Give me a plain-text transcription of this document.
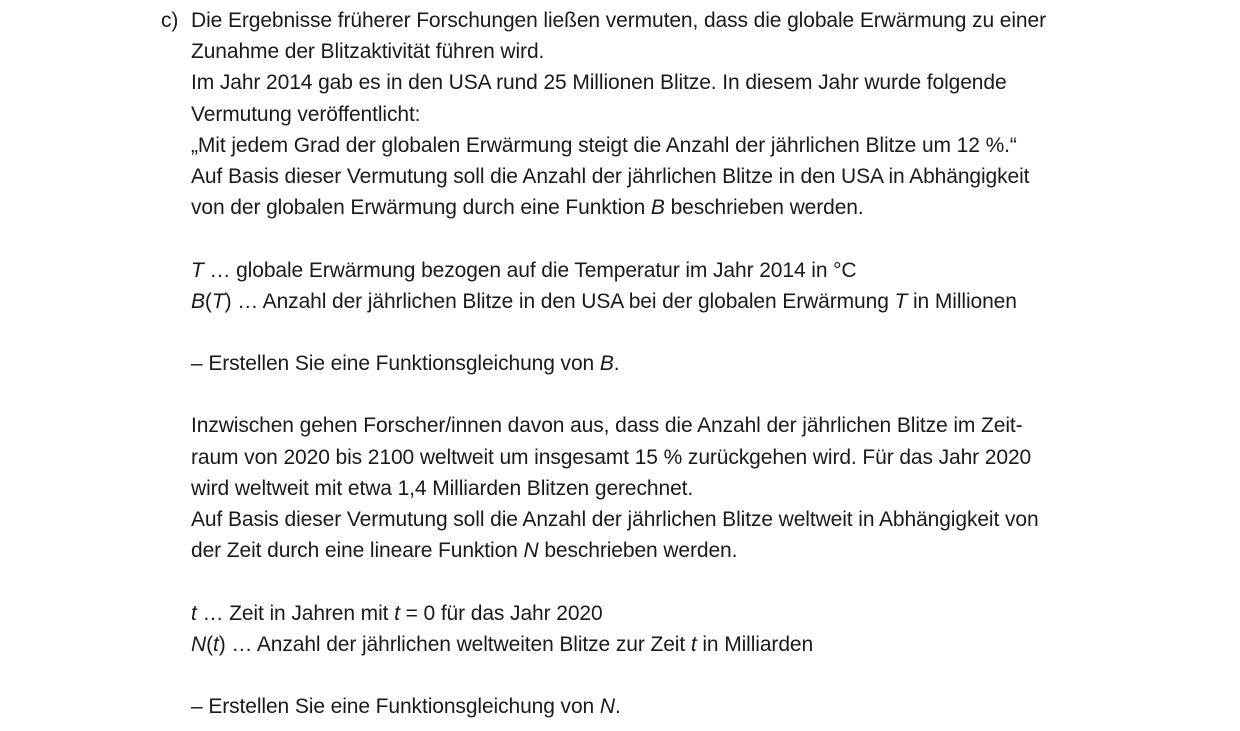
c) Die Ergebnisse früherer Forschungen ließen vermuten, dass die globale Erwärmung zu einer
Zunahme der Blitzaktivität führen wird.
Im Jahr 2014 gab es in den USA rund 25 Millionen Blitze. In diesem Jahr wurde folgende
Vermutung veröffentlicht:
„Mit jedem Grad der globalen Erwärmung steigt die Anzahl der jährlichen Blitze um 12 %.“
Auf Basis dieser Vermutung soll die Anzahl der jährlichen Blitze in den USA in Abhängigkeit
von der globalen Erwärmung durch eine Funktion B beschrieben werden.
T … globale Erwärmung bezogen auf die Temperatur im Jahr 2014 in °C
B(T) … Anzahl der jährlichen Blitze in den USA bei der globalen Erwärmung T in Millionen
– Erstellen Sie eine Funktionsgleichung von B.
Inzwischen gehen Forscher/innen davon aus, dass die Anzahl der jährlichen Blitze im Zeit-
raum von 2020 bis 2100 weltweit um insgesamt 15 % zurückgehen wird. Für das Jahr 2020
wird weltweit mit etwa 1,4 Milliarden Blitzen gerechnet.
Auf Basis dieser Vermutung soll die Anzahl der jährlichen Blitze weltweit in Abhängigkeit von
der Zeit durch eine lineare Funktion N beschrieben werden.
t … Zeit in Jahren mit t = 0 für das Jahr 2020
N(t) … Anzahl der jährlichen weltweiten Blitze zur Zeit t in Milliarden
– Erstellen Sie eine Funktionsgleichung von N.
